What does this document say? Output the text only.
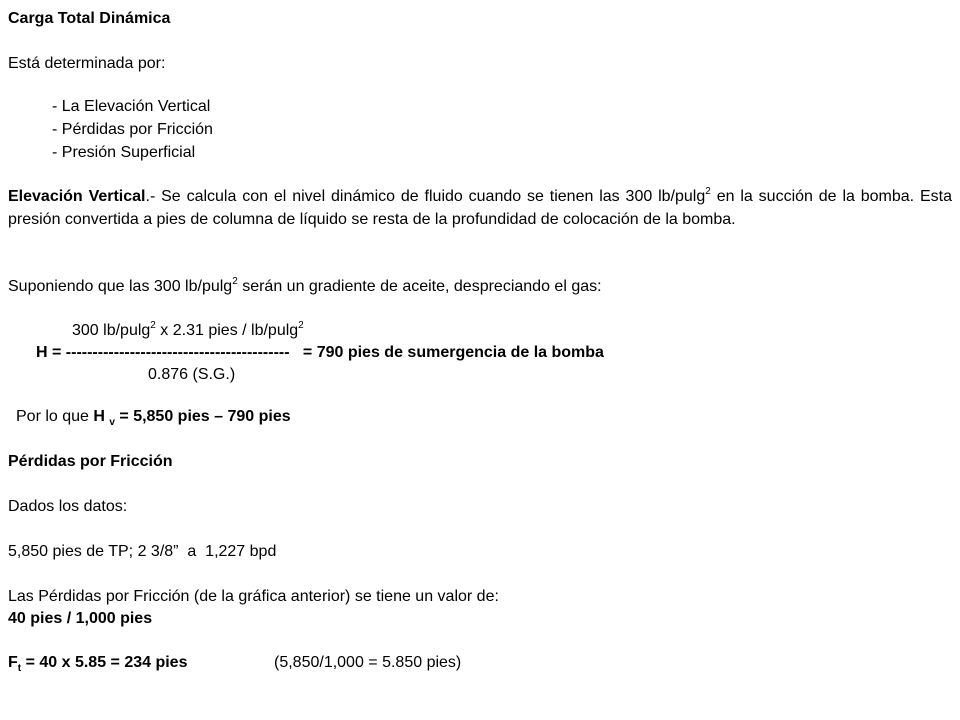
Carga Total Dinámica
Está determinada por:
- La Elevación Vertical
- Pérdidas por Fricción
- Presión Superficial
Elevación Vertical.- Se calcula con el nivel dinámico de fluido cuando se tienen las 300 lb/pulg$^2$ en la succión de la bomba. Esta presión convertida a pies de columna de líquido se resta de la profundidad de colocación de la bomba.
Suponiendo que las 300 lb/pulg$^2$ serán un gradiente de aceite, despreciando el gas:
300 lb/pulg$^2$ x 2.31 pies / lb/pulg$^2$
H = ------------------------------------------   = 790 pies de sumergencia de la bomba
0.876 (S.G.)
Por lo que H $_v$ = 5,850 pies – 790 pies
Pérdidas por Fricción
Dados los datos:
5,850 pies de TP; 2 3/8”  a  1,227 bpd
Las Pérdidas por Fricción (de la gráfica anterior) se tiene un valor de:
40 pies / 1,000 pies
$F_t = 40$ x 5.85 = 234 pies	(5,850/1,000 = 5.850 pies)
